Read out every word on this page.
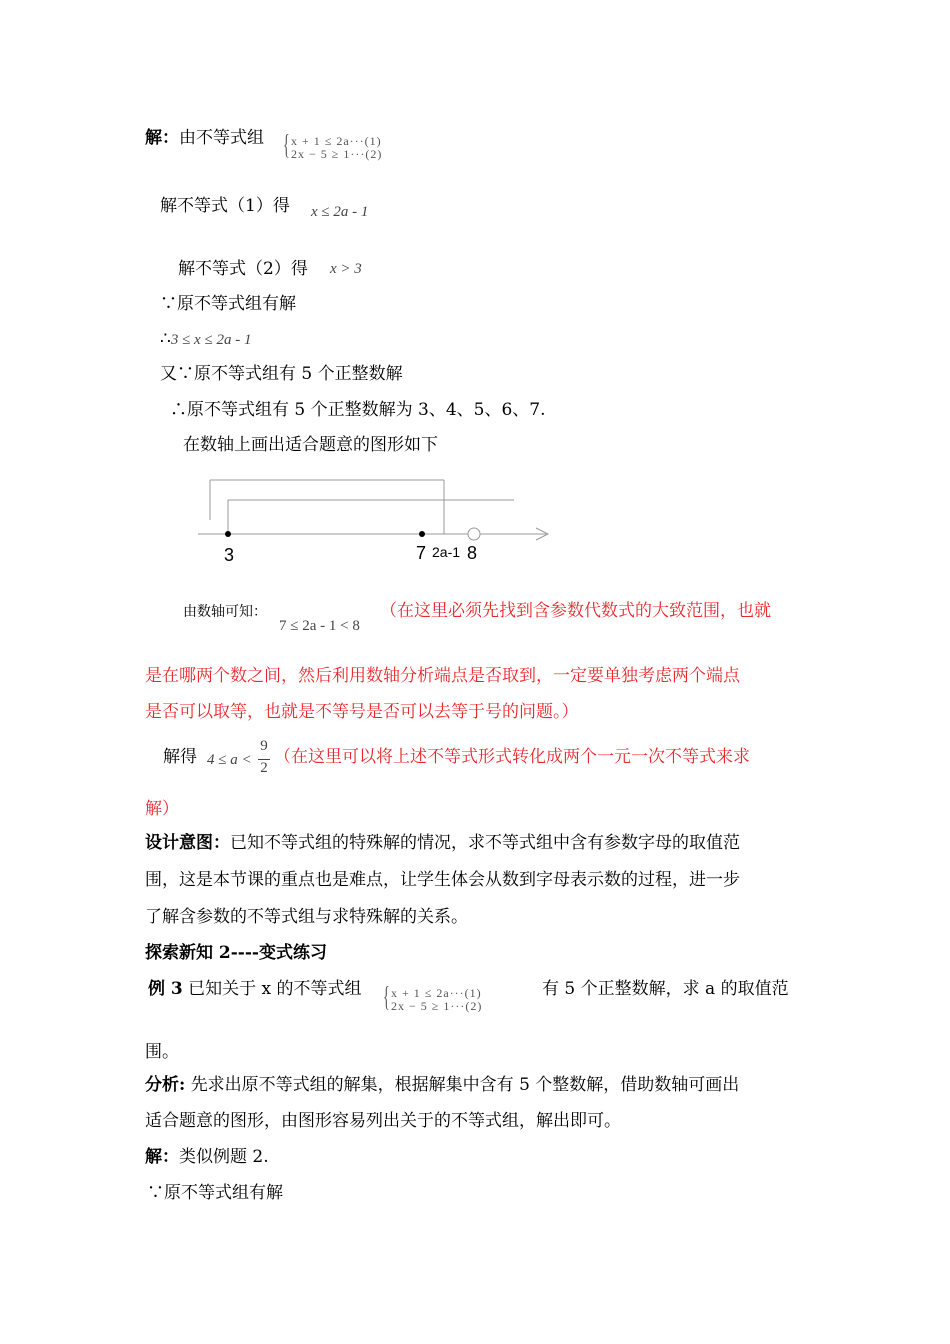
解：由不等式组 { x + 1 ≤ 2a···(1)
2x − 5 ≥ 1···(2)
解不等式（1）得 x ≤ 2a - 1
解不等式（2）得 x > 3
∵原不等式组有解
∴3 ≤ x ≤ 2a - 1
又∵原不等式组有 5 个正整数解
∴原不等式组有 5 个正整数解为 3、4、5、6、7.
在数轴上画出适合题意的图形如下
3	7 2a-1 8
由数轴可知：
7 ≤ 2a - 1 < 8
（在这里必须先找到含参数代数式的大致范围，也就
是在哪两个数之间，然后利用数轴分析端点是否取到，一定要单独考虑两个端点
是否可以取等，也就是不等号是否可以去等于号的问题。）
解得 4 ≤ a <
9
2
（在这里可以将上述不等式形式转化成两个一元一次不等式来求
解）
设计意图：已知不等式组的特殊解的情况，求不等式组中含有参数字母的取值范
围，这是本节课的重点也是难点，让学生体会从数到字母表示数的过程，进一步
了解含参数的不等式组与求特殊解的关系。
探索新知 2----变式练习
例 3 已知关于 x 的不等式组 { x + 1 ≤ 2a···(1)
2x − 5 ≥ 1···(2)
有 5 个正整数解，求 a 的取值范
围。
分析: 先求出原不等式组的解集，根据解集中含有 5 个整数解，借助数轴可画出
适合题意的图形，由图形容易列出关于的不等式组，解出即可。
解：类似例题 2.
∵原不等式组有解
